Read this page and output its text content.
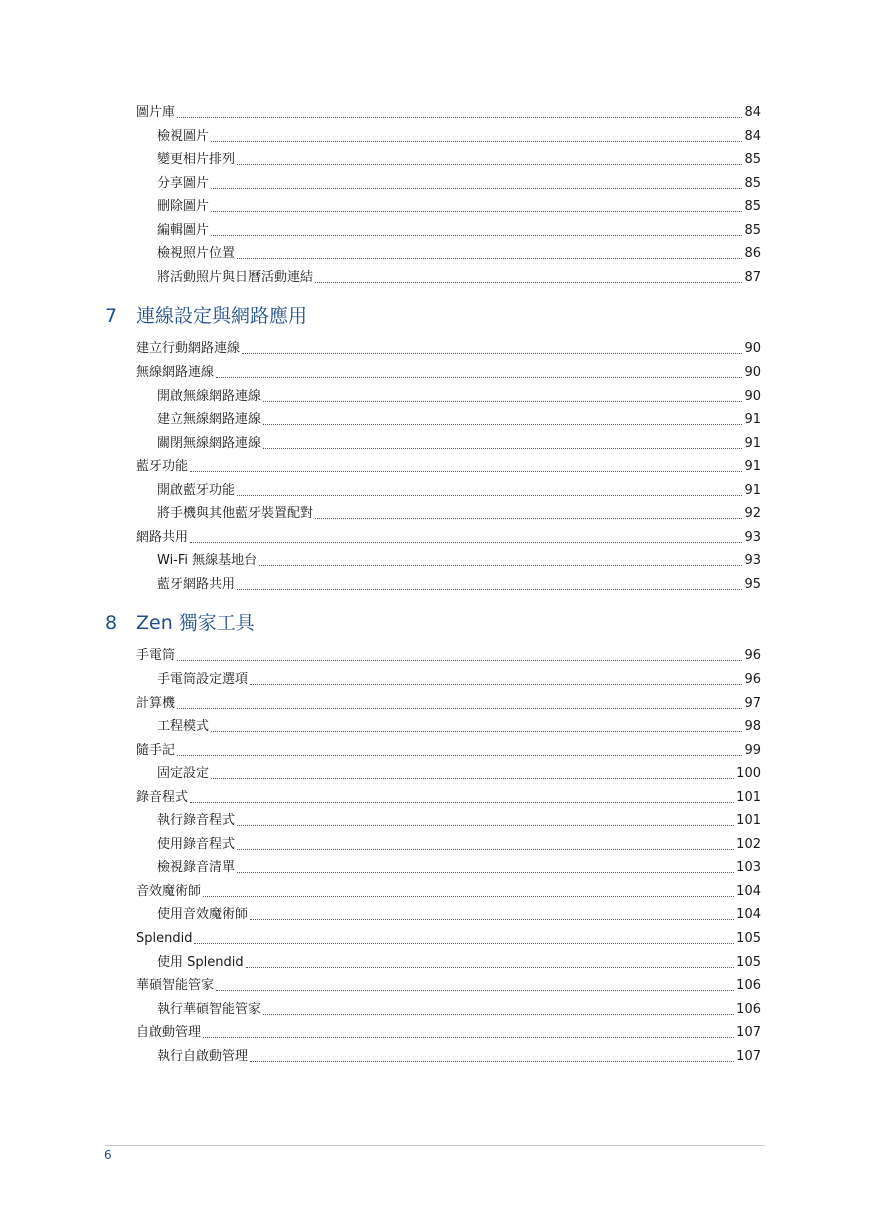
圖片庫	84
檢視圖片	84
變更相片排列	85
分享圖片	85
刪除圖片	85
編輯圖片	85
檢視照片位置	86
將活動照片與日曆活動連結	87
7 連線設定與網路應用
建立行動網路連線	90
無線網路連線	90
開啟無線網路連線	90
建立無線網路連線	91
關閉無線網路連線	91
藍牙功能	91
開啟藍牙功能	91
將手機與其他藍牙裝置配對	92
網路共用	93
Wi-Fi 無線基地台	93
藍牙網路共用	95
8 Zen 獨家工具
手電筒	96
手電筒設定選項	96
計算機	97
工程模式	98
隨手記	99
固定設定	100
錄音程式	101
執行錄音程式	101
使用錄音程式	102
檢視錄音清單	103
音效魔術師	104
使用音效魔術師	104
Splendid	105
使用 Splendid	105
華碩智能管家	106
執行華碩智能管家	106
自啟動管理	107
執行自啟動管理	107
6
